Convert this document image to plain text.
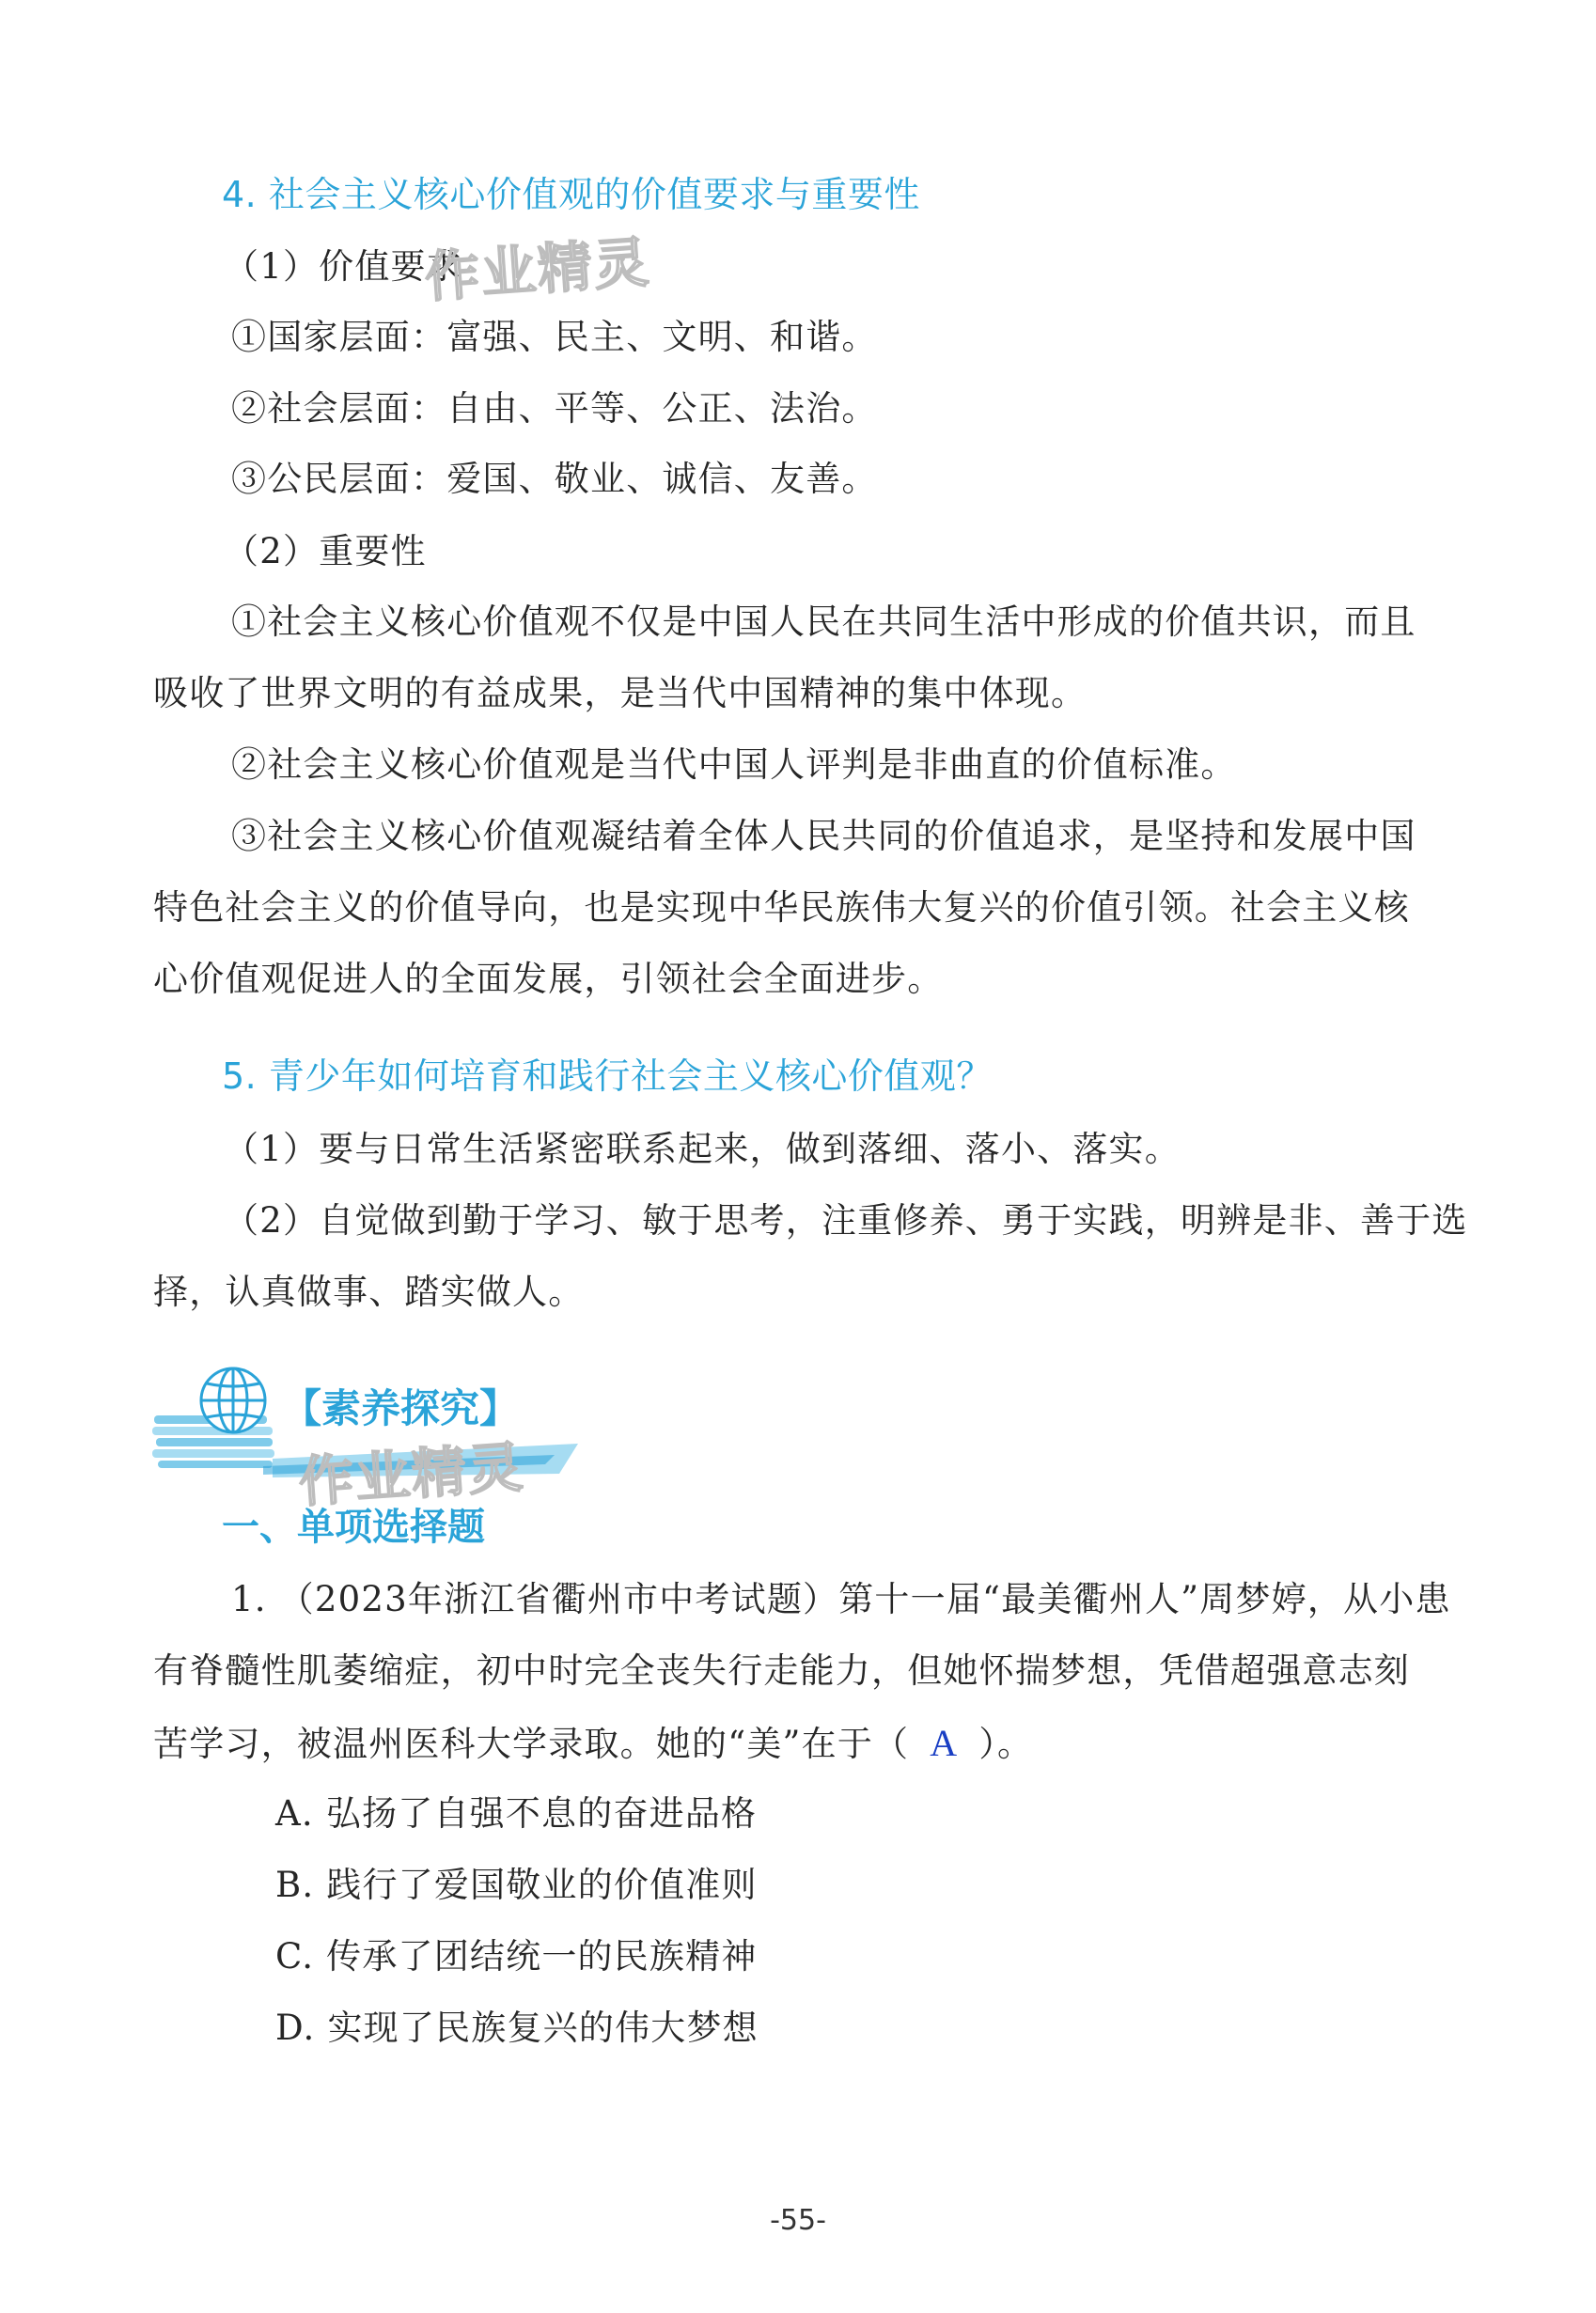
4. 社会主义核心价值观的价值要求与重要性
（1）价值要求
作业精灵
①国家层面：富强、民主、文明、和谐。
②社会层面：自由、平等、公正、法治。
③公民层面：爱国、敬业、诚信、友善。
（2）重要性
①社会主义核心价值观不仅是中国人民在共同生活中形成的价值共识，而且
吸收了世界文明的有益成果，是当代中国精神的集中体现。
②社会主义核心价值观是当代中国人评判是非曲直的价值标准。
③社会主义核心价值观凝结着全体人民共同的价值追求，是坚持和发展中国
特色社会主义的价值导向，也是实现中华民族伟大复兴的价值引领。社会主义核
心价值观促进人的全面发展，引领社会全面进步。
5. 青少年如何培育和践行社会主义核心价值观？
（1）要与日常生活紧密联系起来，做到落细、落小、落实。
（2）自觉做到勤于学习、敏于思考，注重修养、勇于实践，明辨是非、善于选
择，认真做事、踏实做人。
【素养探究】
作业精灵
一、单项选择题
1. （2023年浙江省衢州市中考试题）第十一届“最美衢州人”周梦婷，从小患
有脊髓性肌萎缩症，初中时完全丧失行走能力，但她怀揣梦想，凭借超强意志刻
苦学习，被温州医科大学录取。她的“美”在于（ A ）。
A. 弘扬了自强不息的奋进品格
B. 践行了爱国敬业的价值准则
C. 传承了团结统一的民族精神
D. 实现了民族复兴的伟大梦想
-55-
